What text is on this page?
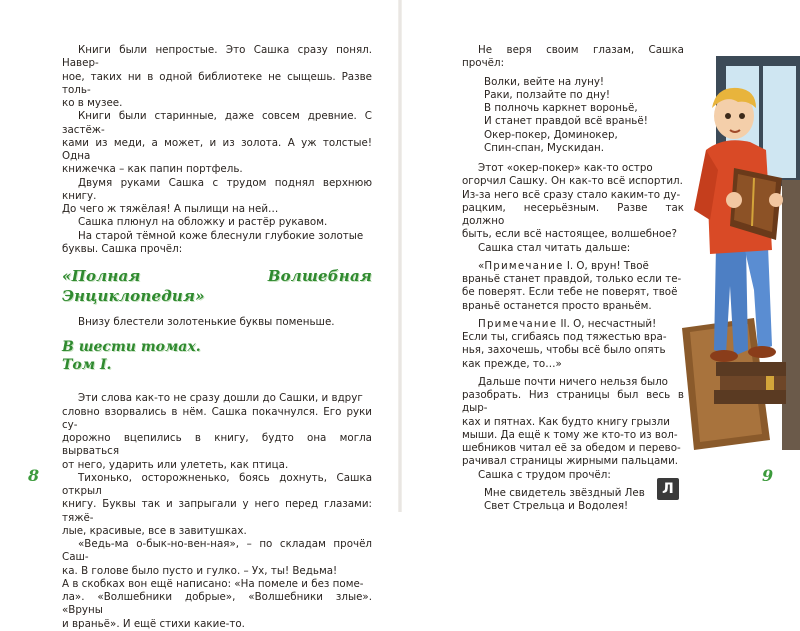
Книги были непростые. Это Сашка сразу понял. Навер-
ное, таких ни в одной библиотеке не сыщешь. Разве толь-
ко в музее.

Книги были старинные, даже совсем древние. С застёж-
ками из меди, а может, и из золота. А уж толстые! Одна
книжечка – как папин портфель.

Двумя руками Сашка с трудом поднял верхнюю книгу.
До чего ж тяжёлая! А пылищи на ней…

Сашка плюнул на обложку и растёр рукавом.

На старой тёмной коже блеснули глубокие золотые
буквы. Сашка прочёл:

«Полная Волшебная Энциклопедия»

Внизу блестели золотенькие буквы поменьше.

В шести томах.

Том I.

Эти слова как-то не сразу дошли до Сашки, и вдруг
словно взорвались в нём. Сашка покачнулся. Его руки су-
дорожно вцепились в книгу, будто она могла вырваться
от него, ударить или улететь, как птица.

Тихонько, осторожненько, боясь дохнуть, Сашка открыл
книгу. Буквы так и запрыгали у него перед глазами: тяжё-
лые, красивые, все в завитушках.

«Ведь-ма о-бык-но-вен-ная», – по складам прочёл Саш-
ка. В голове было пусто и гулко. – Ух, ты! Ведьма!
А в скобках вон ещё написано: «На помеле и без поме-
ла». «Волшебники добрые», «Волшебники злые». «Вруны
и враньё». И ещё стихи какие-то.

Не веря своим глазам, Сашка прочёл:

Волки, вейте на луну!
Раки, ползайте по дну!
В полночь каркнет вороньё,
И станет правдой всё враньё!
Окер-покер, Доминокер,
Спин-спан, Мускидан.

Этот «окер-покер» как-то остро
огорчил Сашку. Он как-то всё испортил.
Из-за него всё сразу стало каким-то ду-
рацким, несерьёзным. Разве так должно
быть, если всё настоящее, волшебное?

Сашка стал читать дальше:

«Примечание I. О, врун! Твоё
враньё станет правдой, только если те-
бе поверят. Если тебе не поверят, твоё
враньё останется просто враньём.

Примечание II. О, несчастный!
Если ты, сгибаясь под тяжестью вра-
нья, захочешь, чтобы всё было опять
как прежде, то…»

Дальше почти ничего нельзя было
разобрать. Низ страницы был весь в дыр-
ках и пятнах. Как будто книгу грызли
мыши. Да ещё к тому же кто-то из вол-
шебников читал её за обедом и перево-
рачивал страницы жирными пальцами.

Сашка с трудом прочёл:

Мне свидетель звёздный Лев
Свет Стрельца и Водолея!
8	9
Л
